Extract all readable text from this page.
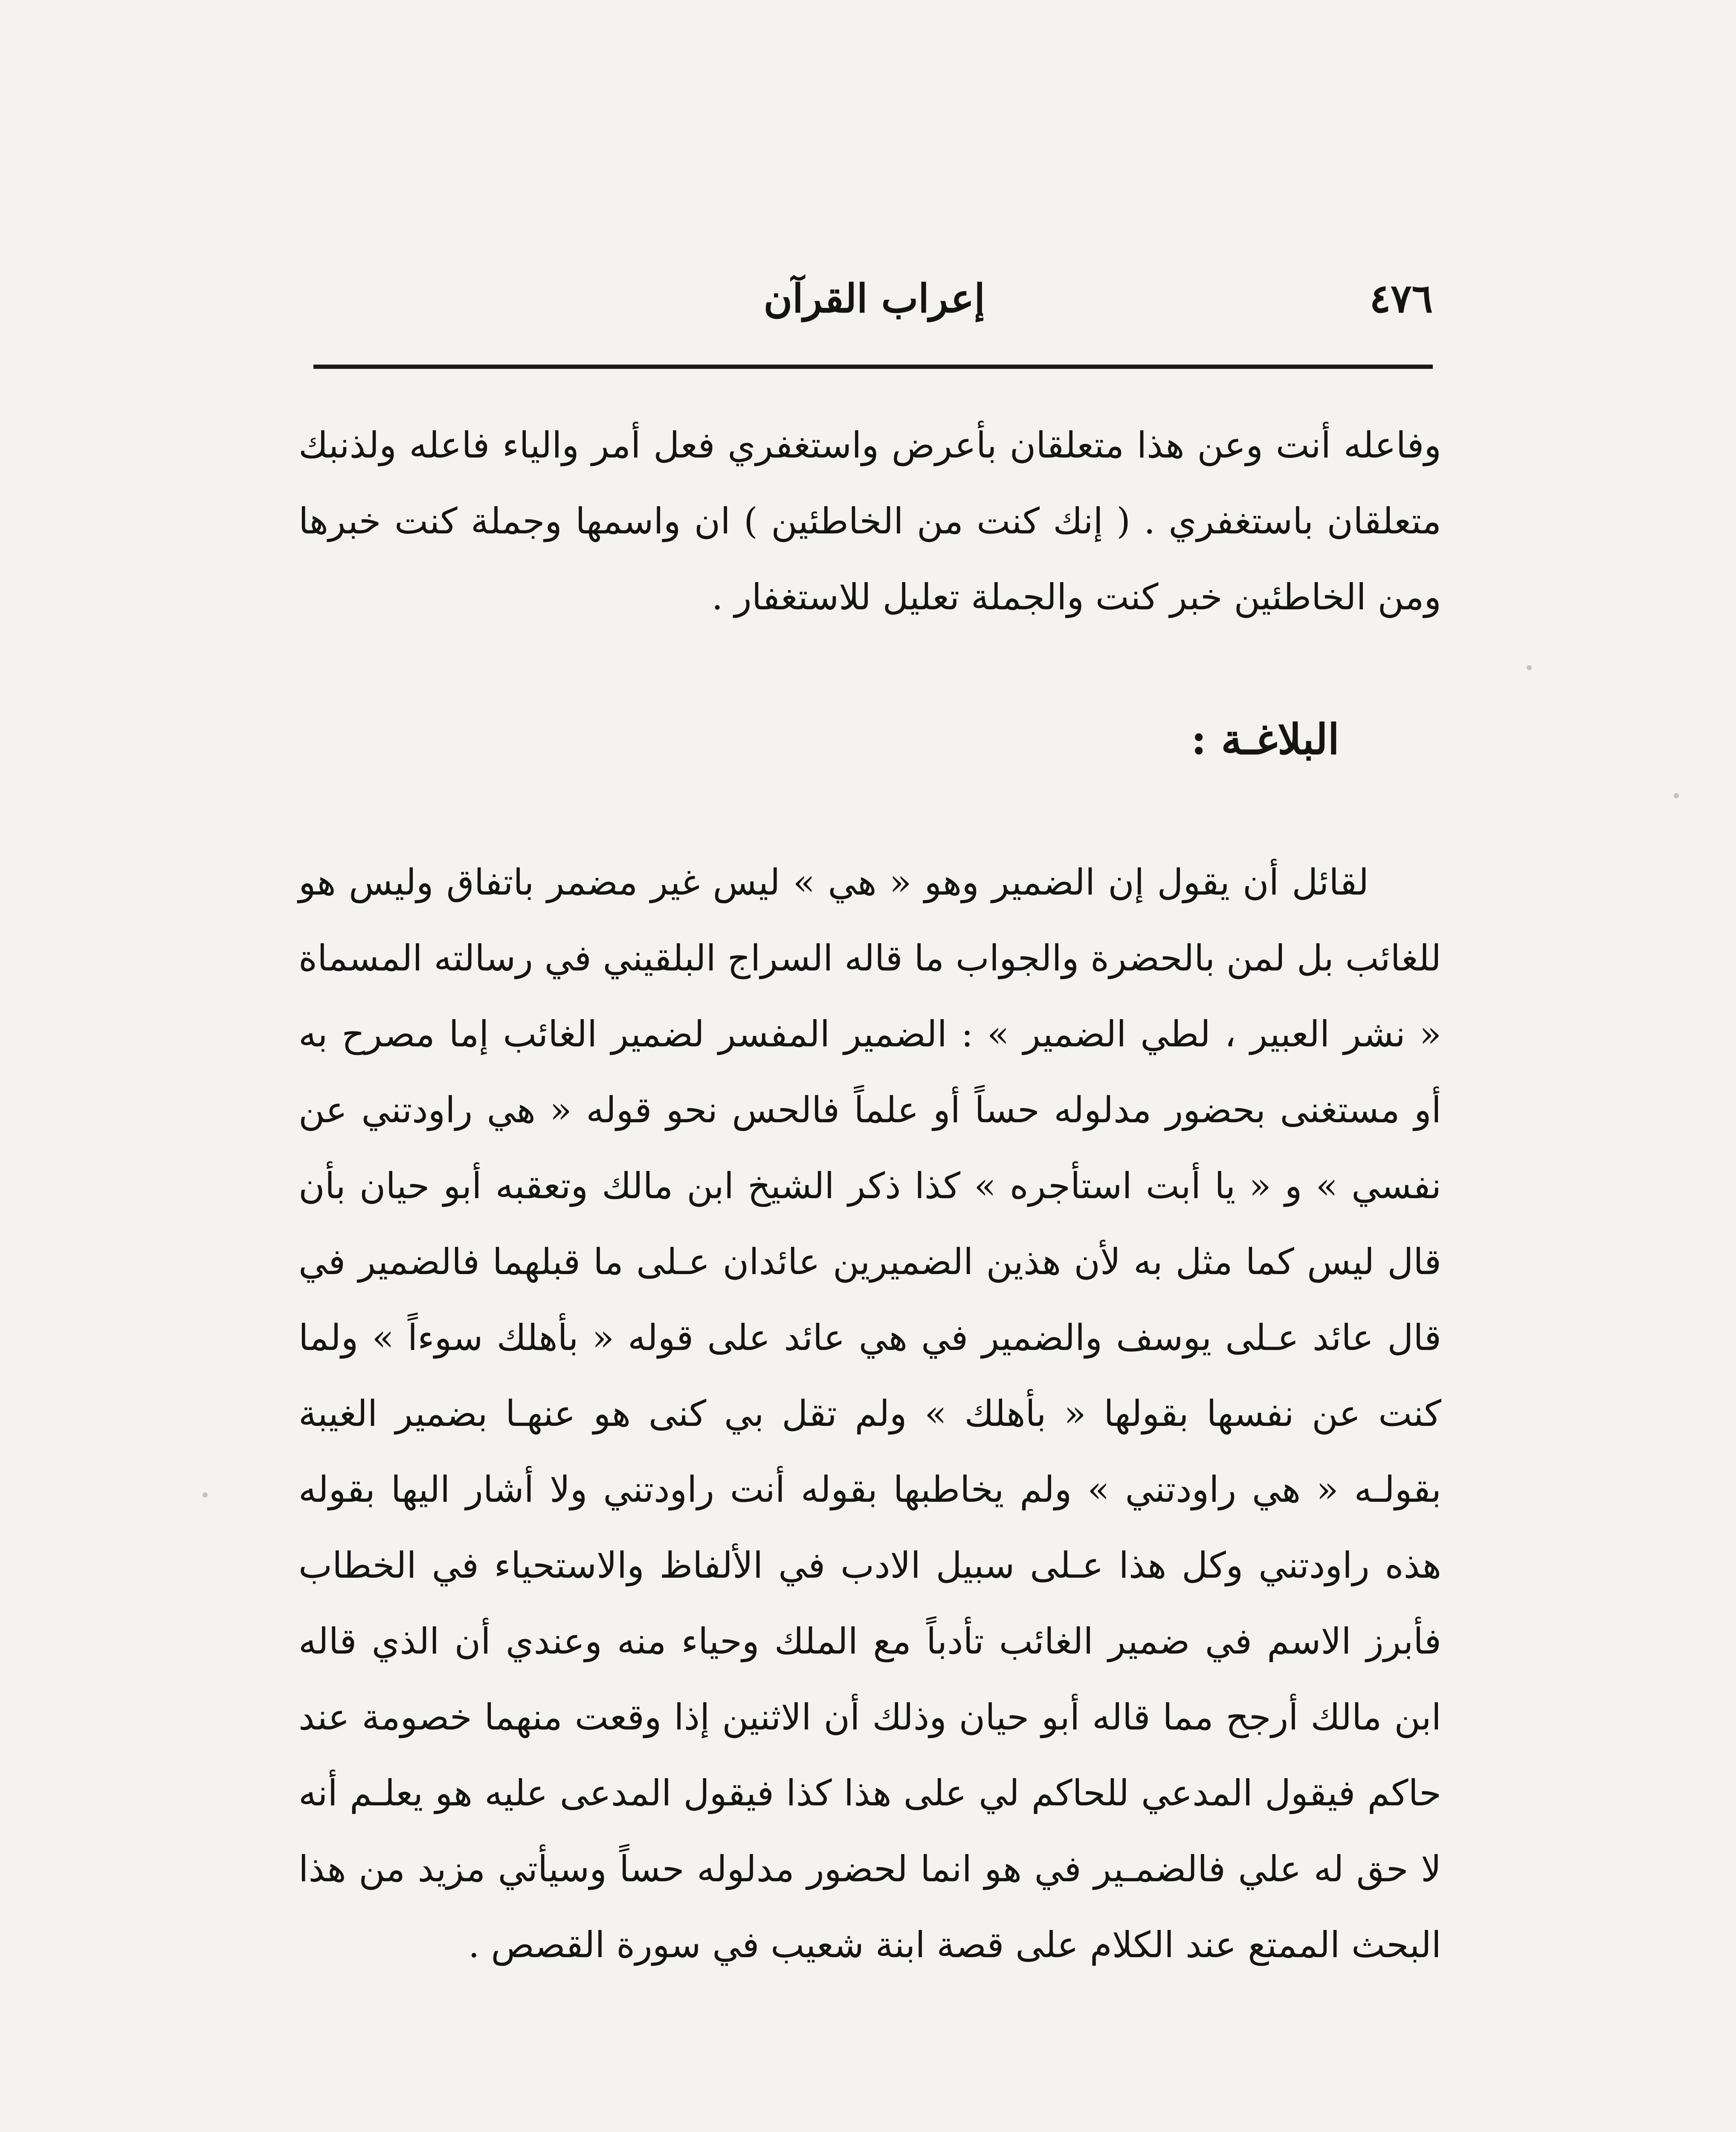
٤٧٦
إعراب القرآن
وفاعله أنت وعن هذا متعلقان بأعرض واستغفري فعل أمر والياء فاعله ولذنبك متعلقان باستغفري . ( إنك كنت من الخاطئين ) ان واسمها وجملة كنت خبرها ومن الخاطئين خبر كنت والجملة تعليل للاستغفار .
البلاغـة :

لقائل أن يقول إن الضمير وهو « هي » ليس غير مضمر باتفاق وليس هو للغائب بل لمن بالحضرة والجواب ما قاله السراج البلقيني في رسالته المسماة « نشر العبير ، لطي الضمير » : الضمير المفسر لضمير الغائب إما مصرح به أو مستغنى بحضور مدلوله حساً أو علماً فالحس نحو قوله « هي راودتني عن نفسي » و « يا أبت استأجره » كذا ذكر الشيخ ابن مالك وتعقبه أبو حيان بأن قال ليس كما مثل به لأن هذين الضميرين عائدان عـلى ما قبلهما فالضمير في قال عائد عـلى يوسف والضمير في هي عائد على قوله « بأهلك سوءاً » ولما كنت عن نفسها بقولها « بأهلك » ولم تقل بي كنى هو عنهـا بضمير الغيبة بقولـه « هي راودتني » ولم يخاطبها بقوله أنت راودتني ولا أشار اليها بقوله هذه راودتني وكل هذا عـلى سبيل الادب في الألفاظ والاستحياء في الخطاب فأبرز الاسم في ضمير الغائب تأدباً مع الملك وحياء منه وعندي أن الذي قاله ابن مالك أرجح مما قاله أبو حيان وذلك أن الاثنين إذا وقعت منهما خصومة عند حاكم فيقول المدعي للحاكم لي على هذا كذا فيقول المدعى عليه هو يعلـم أنه لا حق له علي فالضمـير في هو انما لحضور مدلوله حساً وسيأتي مزيد من هذا البحث الممتع عند الكلام على قصة ابنة شعيب في سورة القصص .
